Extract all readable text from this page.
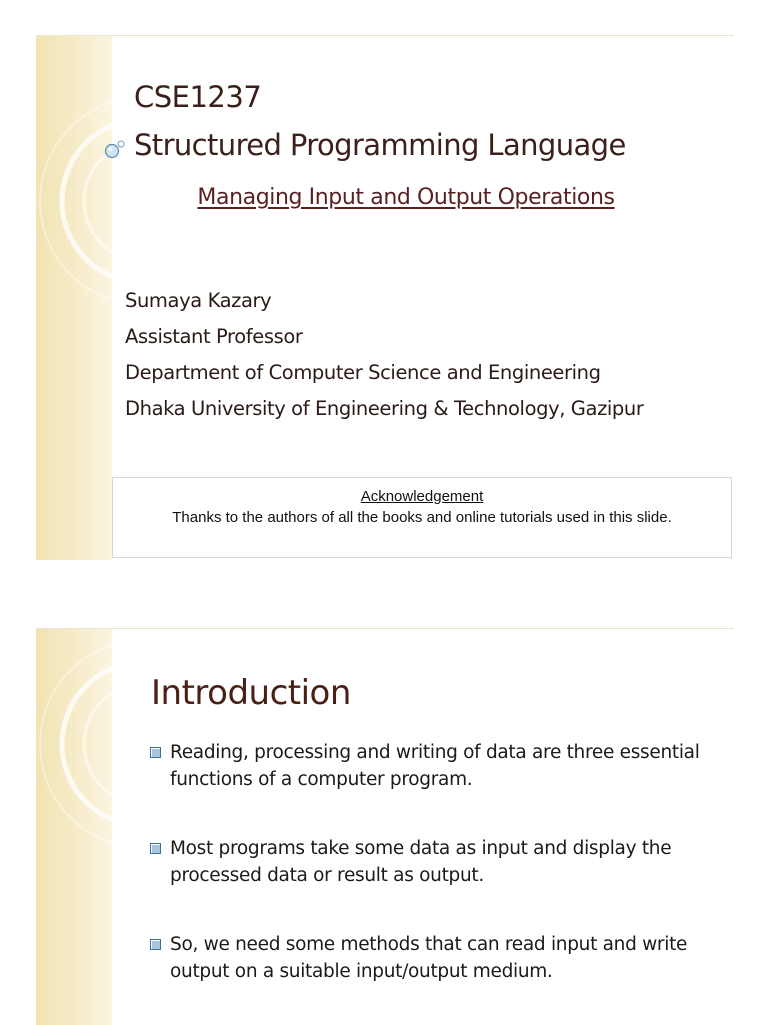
CSE1237
Structured Programming Language
Managing Input and Output Operations
Sumaya Kazary
Assistant Professor
Department of Computer Science and Engineering
Dhaka University of Engineering & Technology, Gazipur
Acknowledgement
Thanks to the authors of all the books and online tutorials used in this slide.
Introduction
Reading, processing and writing of data are three essential functions of a computer program.
Most programs take some data as input and display the processed data or result as output.
So, we need some methods that can read input and write output on a suitable input/output medium.
